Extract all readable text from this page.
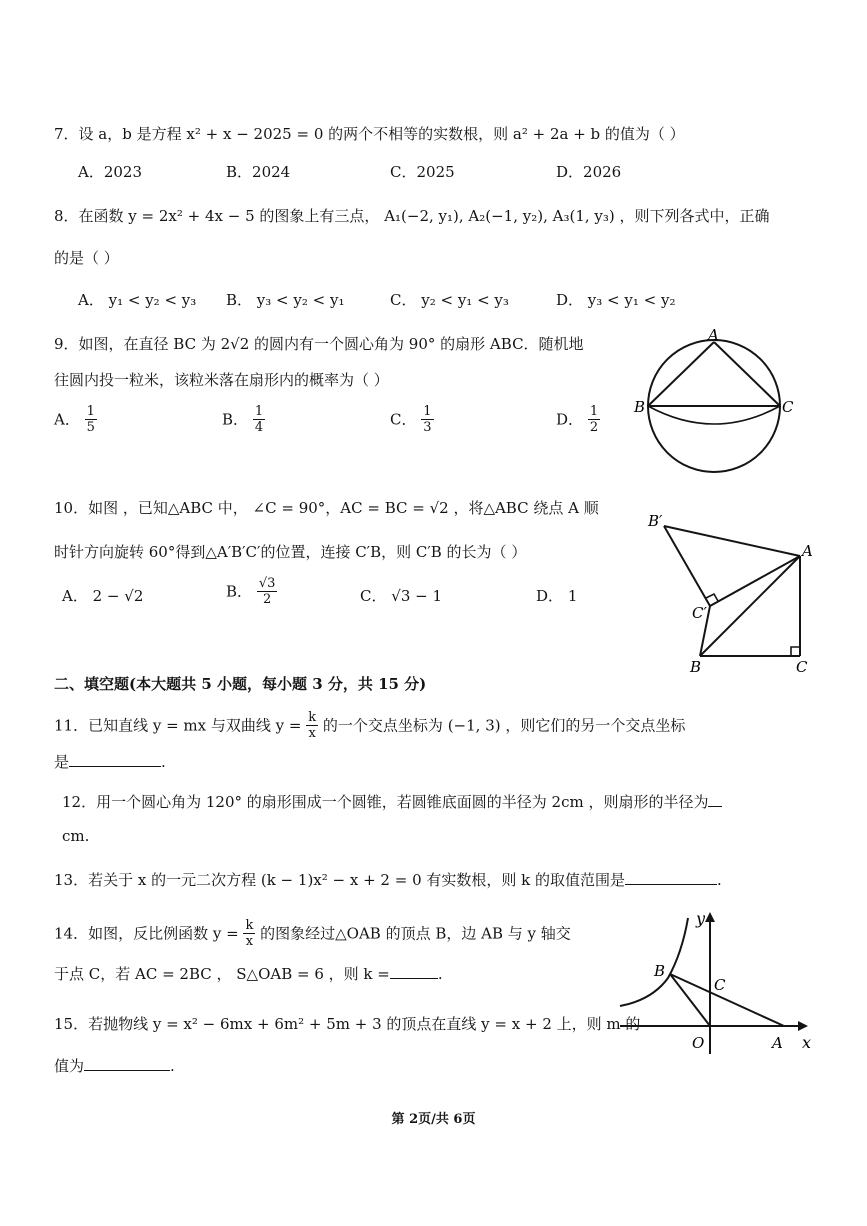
7．设 a，b 是方程 x² + x − 2025 = 0 的两个不相等的实数根，则 a² + 2a + b 的值为（ ）
A．2023	B．2024	C．2025	D．2026
8．在函数 y = 2x² + 4x − 5 的图象上有三点， A₁(−2, y₁), A₂(−1, y₂), A₃(1, y₃) ，则下列各式中，正确
的是（ ）
A． y₁ < y₂ < y₃ B． y₃ < y₂ < y₁	C． y₂ < y₁ < y₃	D． y₃ < y₁ < y₂
9．如图，在直径 BC 为 2√2 的圆内有一个圆心角为 90° 的扇形 ABC．随机地
往圆内投一粒米，该粒米落在扇形内的概率为（ ）
A． $\frac{1}{5}$	B． $\frac{1}{4}$	C． $\frac{1}{3}$	D． $\frac{1}{2}$
A
B	C
10．如图 ，已知△ABC 中， ∠C = 90°，AC = BC = √2 ，将△ABC 绕点 A 顺
时针方向旋转 60°得到△A′B′C′的位置，连接 C′B，则 C′B 的长为（ ）
A． 2 − √2	B． $\frac{√3}{2}$	C． √3 − 1	D． 1
B′
A
C′
B	C
二、填空题(本大题共 5 小题，每小题 3 分，共 15 分)
11．已知直线 y = mx 与双曲线 $y = \frac{k}{x}$ 的一个交点坐标为 (−1, 3) ，则它们的另一个交点坐标
是	.
12．用一个圆心角为 120° 的扇形围成一个圆锥，若圆锥底面圆的半径为 2cm ，则扇形的半径为
cm.
13．若关于 x 的一元二次方程 (k − 1)x² − x + 2 = 0 有实数根，则 k 的取值范围是	.
14．如图，反比例函数 $y = \frac{k}{x}$ 的图象经过△OAB 的顶点 B，边 AB 与 y 轴交
于点 C，若 AC = 2BC ， S△OAB = 6 ，则 k =	.
y
x
B
C
O	A
15．若抛物线 y = x² − 6mx + 6m² + 5m + 3 的顶点在直线 y = x + 2 上，则 m 的
值为	.
第 2页/共 6页
